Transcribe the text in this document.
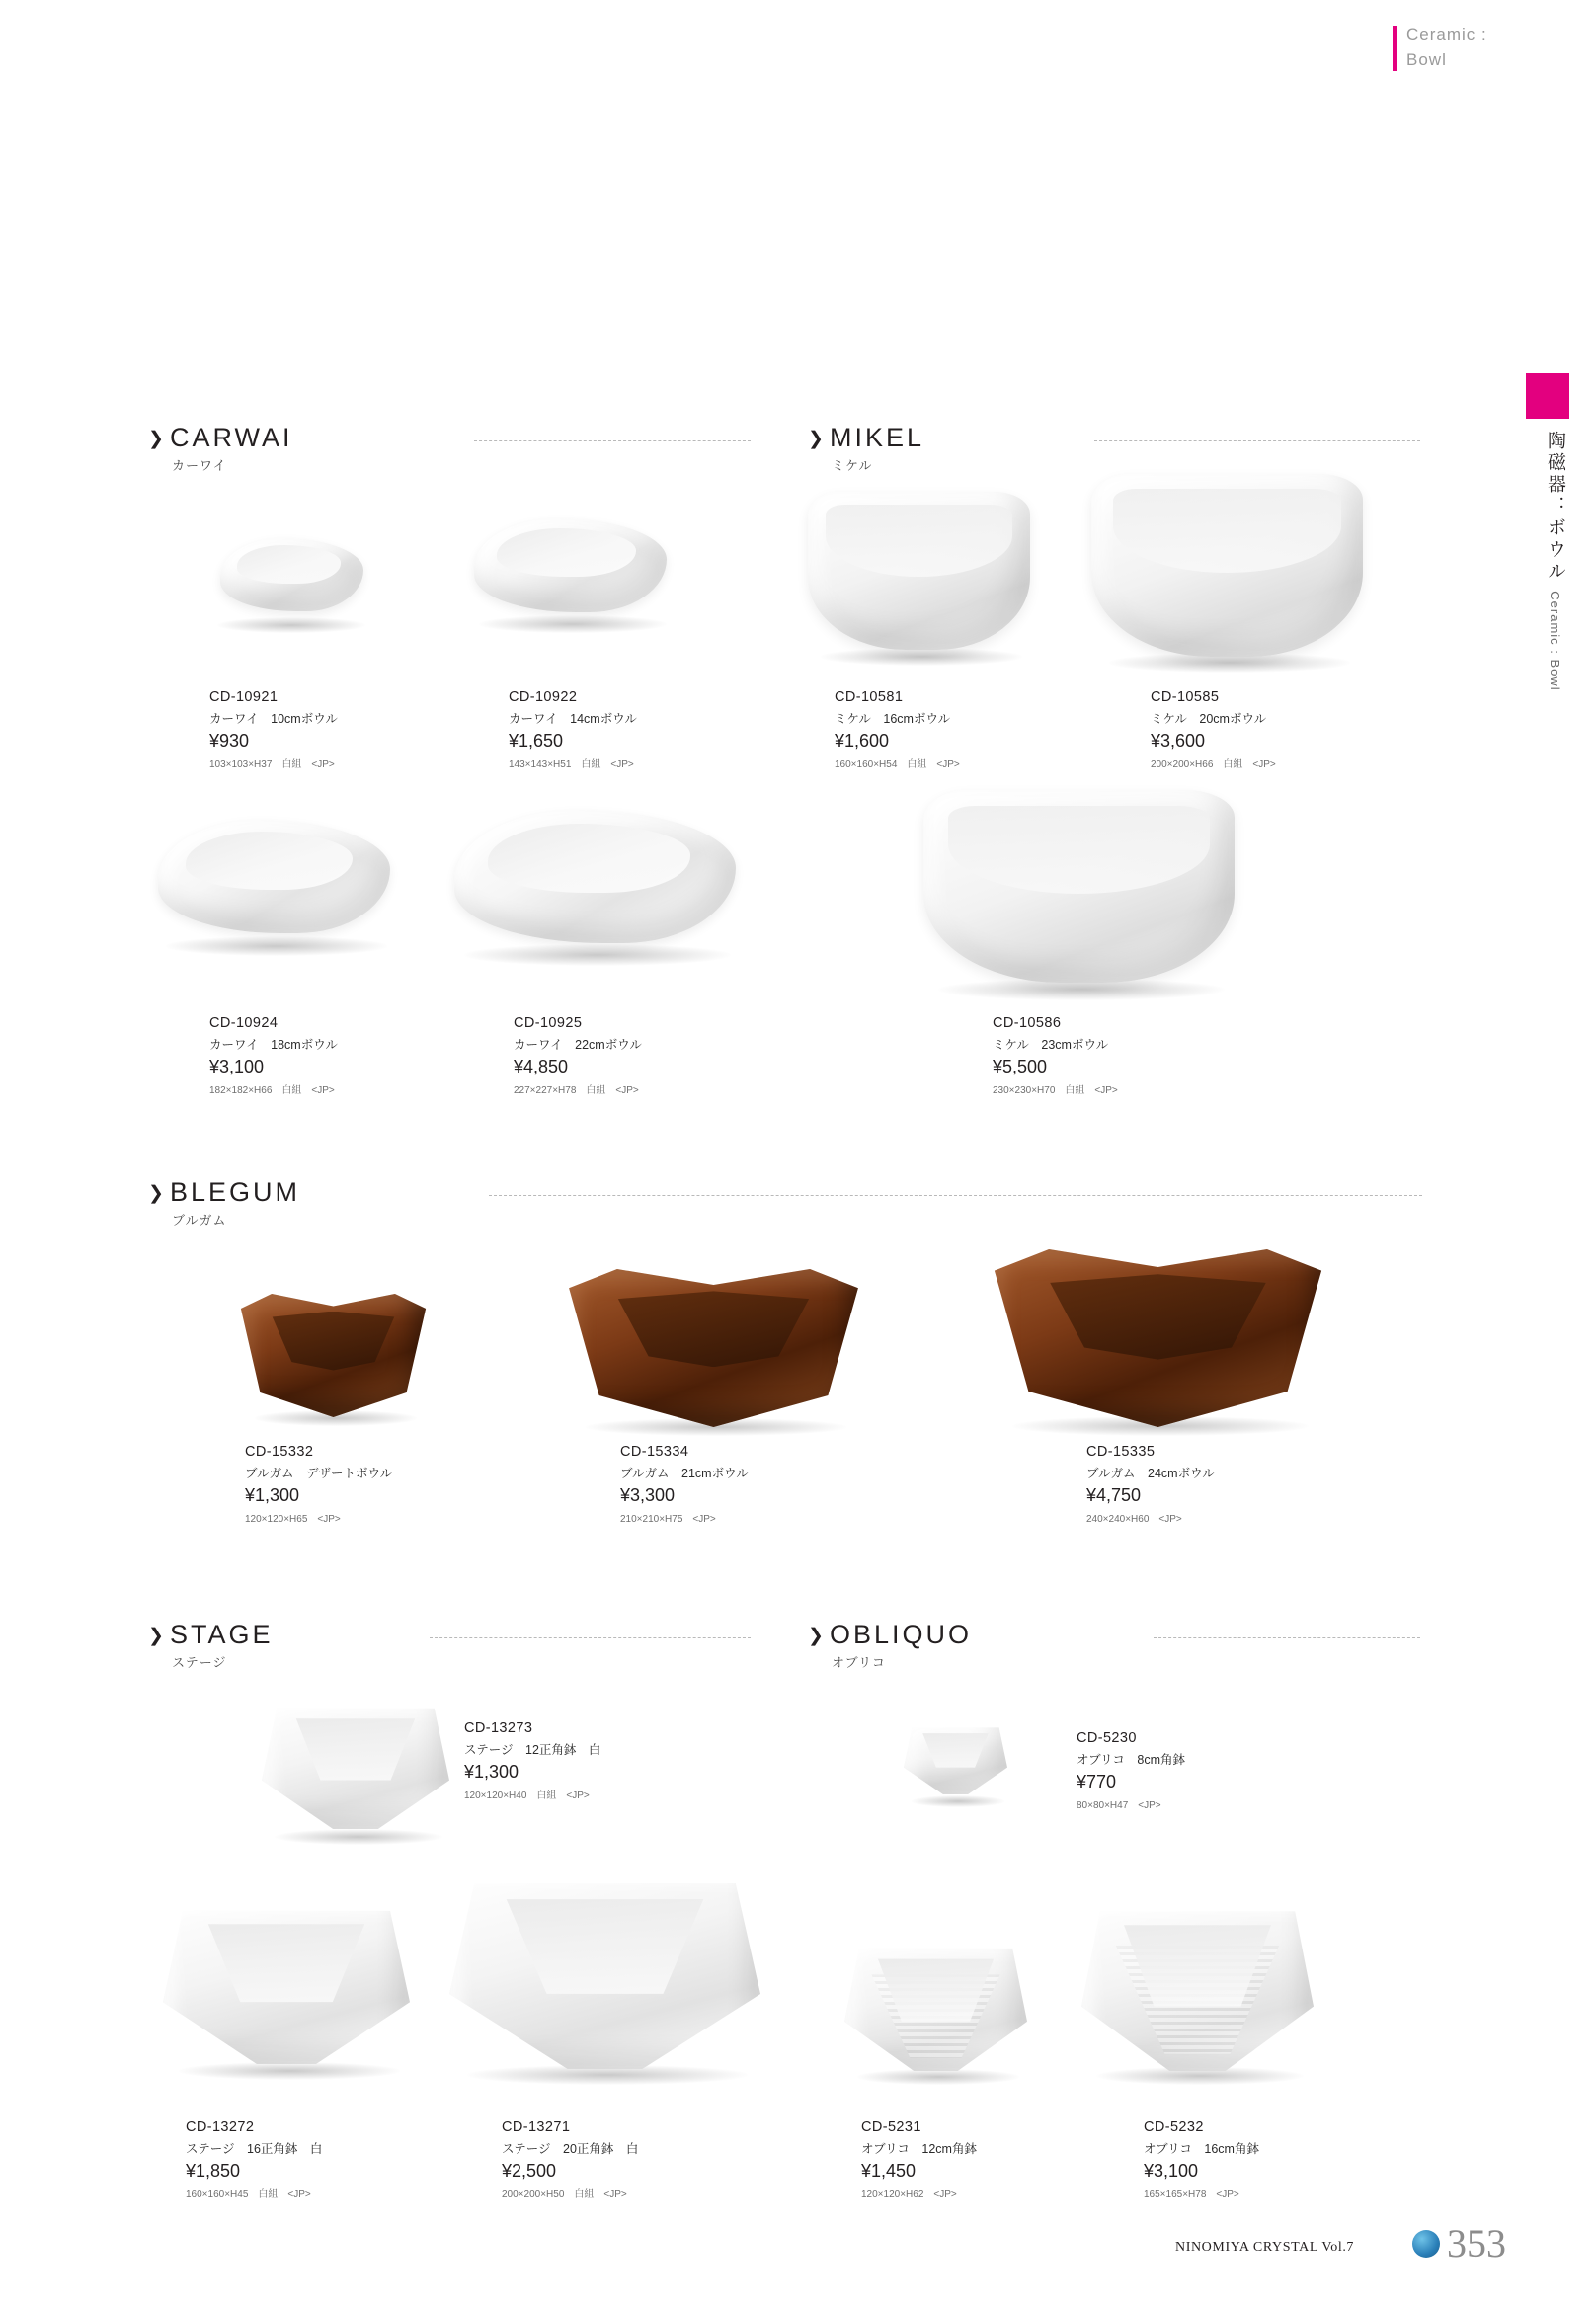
Ceramic :
Bowl
陶磁器：ボウル Ceramic : Bowl
❯ CARWAI
カーワイ
CD-10921
カーワイ　10cmボウル
¥930
103×103×H37　白組　<JP>
CD-10922
カーワイ　14cmボウル
¥1,650
143×143×H51　白組　<JP>
CD-10924
カーワイ　18cmボウル
¥3,100
182×182×H66　白組　<JP>
CD-10925
カーワイ　22cmボウル
¥4,850
227×227×H78　白組　<JP>
❯ MIKEL
ミケル
CD-10581
ミケル　16cmボウル
¥1,600
160×160×H54　白組　<JP>
CD-10585
ミケル　20cmボウル
¥3,600
200×200×H66　白組　<JP>
CD-10586
ミケル　23cmボウル
¥5,500
230×230×H70　白組　<JP>
❯ BLEGUM
ブルガム
CD-15332
ブルガム　デザートボウル
¥1,300
120×120×H65　<JP>
CD-15334
ブルガム　21cmボウル
¥3,300
210×210×H75　<JP>
CD-15335
ブルガム　24cmボウル
¥4,750
240×240×H60　<JP>
❯ STAGE
ステージ
CD-13273
ステージ　12正角鉢　白
¥1,300
120×120×H40　白組　<JP>
CD-13272
ステージ　16正角鉢　白
¥1,850
160×160×H45　白組　<JP>
CD-13271
ステージ　20正角鉢　白
¥2,500
200×200×H50　白組　<JP>
❯ OBLIQUO
オブリコ
CD-5230
オブリコ　8cm角鉢
¥770
80×80×H47　<JP>
CD-5231
オブリコ　12cm角鉢
¥1,450
120×120×H62　<JP>
CD-5232
オブリコ　16cm角鉢
¥3,100
165×165×H78　<JP>
NINOMIYA CRYSTAL Vol.7 353
